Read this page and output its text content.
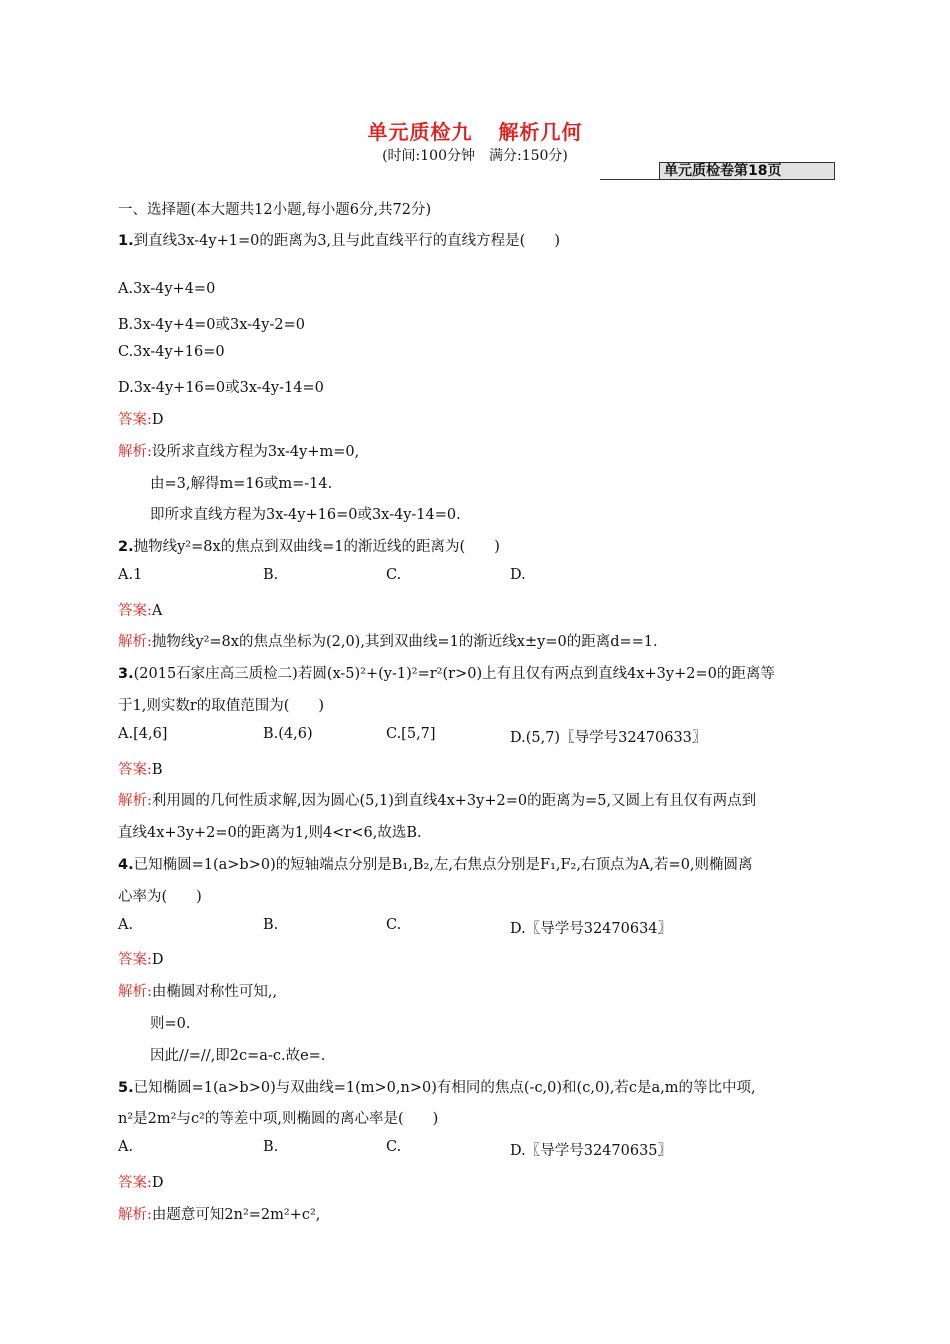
单元质检九 解析几何
(时间:100分钟　满分:150分)
单元质检卷第18页
一、选择题(本大题共12小题,每小题6分,共72分)
1.到直线3x-4y+1=0的距离为3,且与此直线平行的直线方程是(　　)
A.3x-4y+4=0
B.3x-4y+4=0或3x-4y-2=0
C.3x-4y+16=0
D.3x-4y+16=0或3x-4y-14=0
答案:D
解析:设所求直线方程为3x-4y+m=0,
由=3,解得m=16或m=-14.
即所求直线方程为3x-4y+16=0或3x-4y-14=0.
2.抛物线y²=8x的焦点到双曲线=1的渐近线的距离为(　　)
A.1	B.	C.	D.
答案:A
解析:抛物线y²=8x的焦点坐标为(2,0),其到双曲线=1的渐近线x±y=0的距离d==1.
3.(2015石家庄高三质检二)若圆(x-5)²+(y-1)²=r²(r>0)上有且仅有两点到直线4x+3y+2=0的距离等
于1,则实数r的取值范围为(　　)
A.[4,6]	B.(4,6)	C.[5,7]	D.(5,7)〖导学号32470633〗
答案:B
解析:利用圆的几何性质求解,因为圆心(5,1)到直线4x+3y+2=0的距离为=5,又圆上有且仅有两点到
直线4x+3y+2=0的距离为1,则4<r<6,故选B.
4.已知椭圆=1(a>b>0)的短轴端点分别是B₁,B₂,左,右焦点分别是F₁,F₂,右顶点为A,若=0,则椭圆离
心率为(　　)
A.	B.	C.	D.〖导学号32470634〗
答案:D
解析:由椭圆对称性可知,,
则=0.
因此//=//,即2c=a-c.故e=.
5.已知椭圆=1(a>b>0)与双曲线=1(m>0,n>0)有相同的焦点(-c,0)和(c,0),若c是a,m的等比中项,
n²是2m²与c²的等差中项,则椭圆的离心率是(　　)
A.	B.	C.	D.〖导学号32470635〗
答案:D
解析:由题意可知2n²=2m²+c²,
